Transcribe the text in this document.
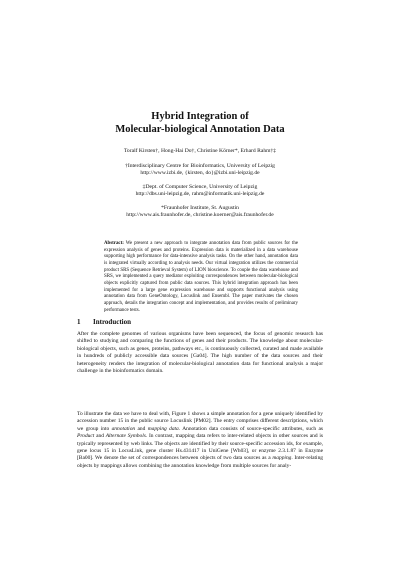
Hybrid Integration of
Molecular-biological Annotation Data
Toralf Kirsten†, Hong-Hai Do†, Christine Körner*, Erhard Rahm†‡
†Interdisciplinary Centre for Bioinformatics, University of Leipzig
http://www.izbi.de, {kirsten, do}@izbi.uni-leipzig.de
‡Dept. of Computer Science, University of Leipzig
http://dbs.uni-leipzig.de, rahm@informatik.uni-leipzig.de
*Fraunhofer Institute, St. Augustin
http://www.ais.fraunhofer.de, christine.koerner@ais.fraunhofer.de
Abstract: We present a new approach to integrate annotation data from public sources for the expression analysis of genes and proteins. Expression data is materialized in a data warehouse supporting high performance for data-intensive analysis tasks. On the other hand, annotation data is integrated virtually according to analysis needs. Our virtual integration utilizes the commercial product SRS (Sequence Retrieval System) of LION bioscience. To couple the data warehouse and SRS, we implemented a query mediator exploiting correspondences between molecular-biological objects explicitly captured from public data sources. This hybrid integration approach has been implemented for a large gene expression warehouse and supports functional analysis using annotation data from GeneOntology, Locuslink and Ensembl. The paper motivates the chosen approach, details the integration concept and implementation, and provides results of preliminary performance tests.
1 Introduction
After the complete genomes of various organisms have been sequenced, the focus of genomic research has shifted to studying and comparing the functions of genes and their products. The knowledge about molecular-biological objects, such as genes, proteins, pathways etc., is continuously collected, curated and made available in hundreds of publicly accessible data sources [Ga04]. The high number of the data sources and their heterogeneity renders the integration of molecular-biological annotation data for functional analysis a major challenge in the bioinformatics domain.
To illustrate the data we have to deal with, Figure 1 shows a simple annotation for a gene uniquely identified by accession number 15 in the public source Locuslink [PM02]. The entry comprises different descriptions, which we group into annotation and mapping data. Annotation data consists of source-specific attributes, such as Product and Alternate Symbols. In contrast, mapping data refers to inter-related objects in other sources and is typically represented by web links. The objects are identified by their source-specific accession ids, for example, gene locus 15 in LocusLink, gene cluster Hs.431417 in UniGene [Wh03], or enzyme 2.3.1.87 in Enzyme [Ba00]. We denote the set of correspondences between objects of two data sources as a mapping. Inter-relating objects by mappings allows combining the annotation knowledge from multiple sources for analy-
